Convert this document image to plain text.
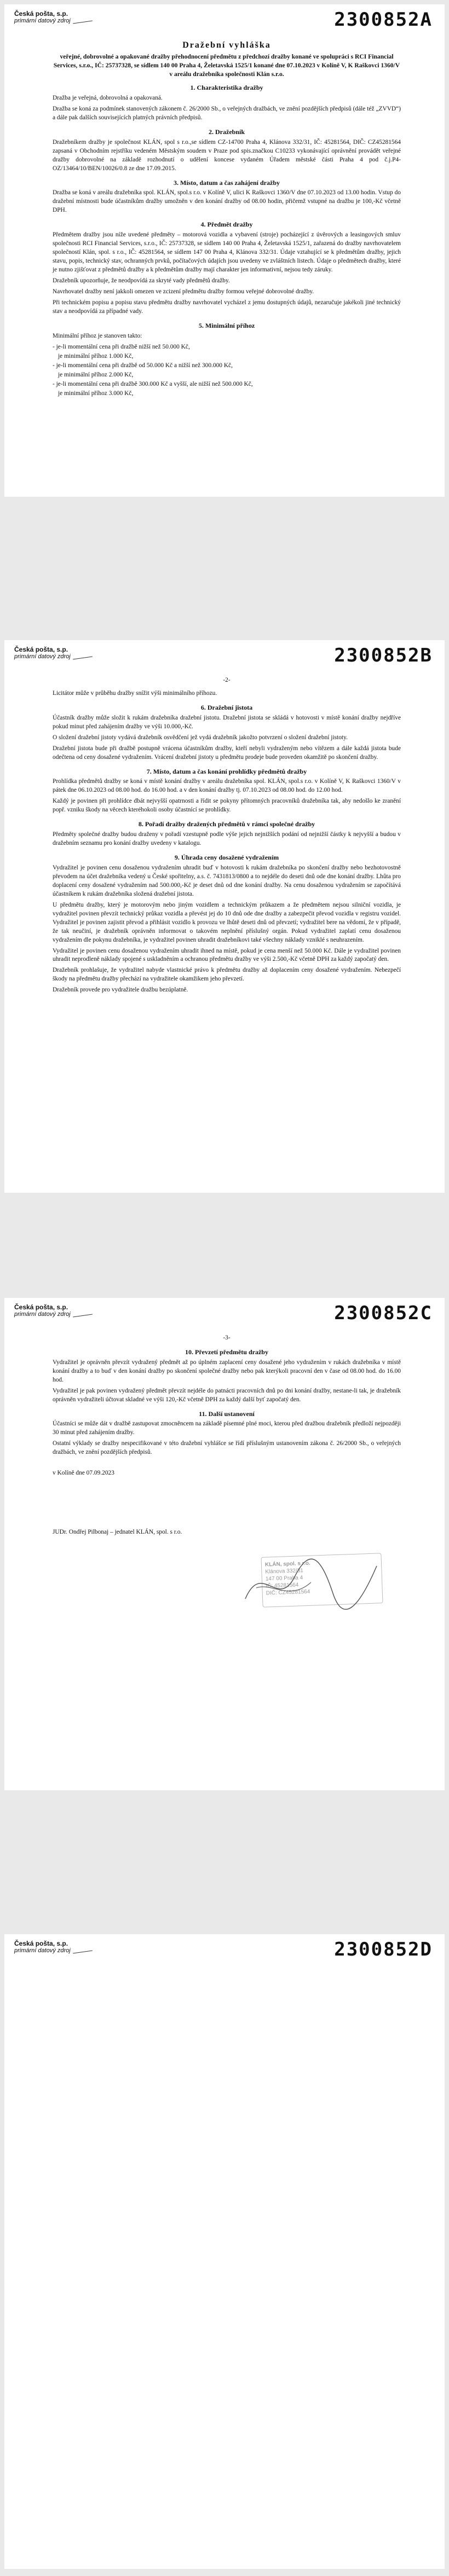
Česká pošta, s.p.
primární datový zdroj	2300852A
Dražební vyhláška
veřejné, dobrovolné a opakované dražby přehodnocení předmětu z předchozí dražby konané ve spolupráci s RCI Financial Services, s.r.o., IČ: 25737328, se sídlem 140 00 Praha 4, Želetavská 1525/1 konané dne 07.10.2023 v Kolíně V, K Raškovci 1360/V v areálu dražebníka společnosti Klán s.r.o.
1. Charakteristika dražby

Dražba je veřejná, dobrovolná a opakovaná.

Dražba se koná za podmínek stanovených zákonem č. 26/2000 Sb., o veřejných dražbách, ve znění pozdějších předpisů (dále též „ZVVD“) a dále pak dalších souvisejících platných právních předpisů.

2. Dražebník

Dražebníkem dražby je společnost KLÁN, spol s r.o.,se sídlem CZ-14700 Praha 4, Klánova 332/31, IČ: 45281564, DIČ: CZ45281564 zapsaná v Obchodním rejstříku vedeném Městským soudem v Praze pod spis.značkou C10233 vykonávající oprávnění provádět veřejné dražby dobrovolné na základě rozhodnutí o udělení koncese vydaném Úřadem městské části Praha 4 pod č.j.P4-OZ/13464/10/BEN/10026/0.8 ze dne 17.09.2015.

3. Místo, datum a čas zahájení dražby

Dražba se koná v areálu dražebníka spol. KLÁN, spol.s r.o. v Kolíně V, ulici K Raškovci 1360/V dne 07.10.2023 od 13.00 hodin. Vstup do dražební místnosti bude účastníkům dražby umožněn v den konání dražby od 08.00 hodin, přičemž vstupné na dražbu je 100,-Kč včetně DPH.

4. Předmět dražby

Předmětem dražby jsou níže uvedené předměty – motorová vozidla a vybavení (stroje) pocházející z úvěrových a leasingových smluv společnosti RCI Financial Services, s.r.o., IČ: 25737328, se sídlem 140 00 Praha 4, Želetavská 1525/1, zařazená do dražby navrhovatelem společností Klán, spol. s r.o., IČ: 45281564, se sídlem 147 00 Praha 4, Klánova 332/31. Údaje vztahující se k předmětům dražby, jejich stavu, popis, technický stav, ochranných prvků, počítačových údajích jsou uvedeny ve zvláštních listech. Údaje o předmětech dražby, které je nutno zjišťovat z předmětů dražby a k předmětům dražby mají charakter jen informativní, nejsou tedy záruky.

Dražebník upozorňuje, že neodpovídá za skryté vady předmětů dražby.

Navrhovatel dražby není jakkoli omezen ve zcizení předmětu dražby formou veřejné dobrovolné dražby.

Při technickém popisu a popisu stavu předmětu dražby navrhovatel vycházel z jemu dostupných údajů, nezaručuje jakékoli jiné technický stav a neodpovídá za případné vady.

5. Minimální příhoz

Minimální příhoz je stanoven takto:

- je-li momentální cena při dražbě nižší než 50.000 Kč,
je minimální příhoz 1.000 Kč,
- je-li momentální cena při dražbě od 50.000 Kč a nižší než 300.000 Kč,
je minimální příhoz 2.000 Kč,
- je-li momentální cena při dražbě 300.000 Kč a vyšší, ale nižší než 500.000 Kč,
je minimální příhoz 3.000 Kč,
Česká pošta, s.p.
primární datový zdroj	2300852B
-2-

Licitátor může v průběhu dražby snížit výši minimálního příhozu.

6. Dražební jistota

Účastník dražby může složit k rukám dražebníka dražební jistotu. Dražební jistota se skládá v hotovosti v místě konání dražby nejdříve pokud minut před zahájením dražby ve výši 10.000,-Kč.

O složení dražební jistoty vydává dražebník osvědčení jež vydá dražebník jakožto potvrzení o složení dražební jistoty.

Dražební jistota bude při dražbě postupně vrácena účastníkům dražby, kteří nebyli vydraženým nebo vítězem a dále každá jistota bude odečtena od ceny dosažené vydražením. Vrácení dražební jistoty u předmětu prodeje bude proveden okamžitě po skončení dražby.

7. Místo, datum a čas konání prohlídky předmětů dražby

Prohlídka předmětů dražby se koná v místě konání dražby v areálu dražebníka spol. KLÁN, spol.s r.o. v Kolíně V, K Raškovci 1360/V v pátek dne 06.10.2023 od 08.00 hod. do 16.00 hod. a v den konání dražby tj. 07.10.2023 od 08.00 hod. do 12.00 hod.

Každý je povinen při prohlídce dbát nejvyšší opatrnosti a řídit se pokyny přítomných pracovníků dražebníka tak, aby nedošlo ke zranění popř. vzniku škody na věcech kteréhokoli osoby účastnící se prohlídky.

8. Pořadí dražby dražených předmětů v rámci společné dražby

Předměty společné dražby budou draženy v pořadí vzestupně podle výše jejich nejnižších podání od nejnižší částky k nejvyšší a budou v dražebním seznamu pro konání dražby uvedeny v katalogu.

9. Úhrada ceny dosažené vydražením

Vydražitel je povinen cenu dosaženou vydražením uhradit buď v hotovosti k rukám dražebníka po skončení dražby nebo bezhotovostně převodem na účet dražebníka vedený u České spořitelny, a.s. č. 7431813/0800 a to nejdéle do deseti dnů ode dne konání dražby. Lhůta pro doplacení ceny dosažené vydražením nad 500.000,-Kč je deset dnů od dne konání dražby. Na cenu dosaženou vydražením se započítává účastníkem k rukám dražebníka složená dražební jistota.

U předmětu dražby, který je motorovým nebo jiným vozidlem a technickým průkazem a že předmětem nejsou silniční vozidla, je vydražitel povinen převzít technický průkaz vozidla a převést jej do 10 dnů ode dne dražby a zabezpečit převod vozidla v registru vozidel. Vydražitel je povinen zajistit převod a přihlásit vozidlo k provozu ve lhůtě deseti dnů od převzetí; vydražitel bere na vědomí, že v případě, že tak neučiní, je dražebník oprávněn informovat o takovém neplnění příslušný orgán. Pokud vydražitel zaplatí cenu dosaženou vydražením dle pokynu dražebníka, je vydražitel povinen uhradit dražebníkovi také všechny náklady vzniklé s neuhrazením.

Vydražitel je povinen cenu dosaženou vydražením uhradit ihned na místě, pokud je cena menší než 50.000 Kč. Dále je vydražitel povinen uhradit neprodleně náklady spojené s uskladněním a ochranou předmětu dražby ve výši 2.500,-Kč včetně DPH za každý započatý den.

Dražebník prohlašuje, že vydražitel nabyde vlastnické právo k předmětu dražby až doplacením ceny dosažené vydražením. Nebezpečí škody na předmětu dražby přechází na vydražitele okamžikem jeho převzetí.

Dražebník provede pro vydražitele dražbu bezúplatně.

Česká pošta, s.p.
primární datový zdroj	2300852C
-3-
10. Převzetí předmětu dražby

Vydražitel je oprávněn převzít vydražený předmět až po úplném zaplacení ceny dosažené jeho vydražením v rukách dražebníka v místě konání dražby a to buď v den konání dražby po skončení společné dražby nebo pak kterýkoli pracovní den v čase od 08.00 hod. do 16.00 hod.

Vydražitel je pak povinen vydražený předmět převzít nejdéle do patnácti pracovních dnů po dni konání dražby, nestane-li tak, je dražebník oprávněn vydražiteli účtovat skladné ve výši 120,-Kč včetně DPH za každý další byť započatý den.

11. Další ustanovení

Účastníci se může dát v dražbě zastupovat zmocněncem na základě písemné plné moci, kterou před dražbou dražebník předloží nejpozději 30 minut před zahájením dražby.

Ostatní výklady se dražby nespecifikované v této dražební vyhlášce se řídí příslušným ustanovením zákona č. 26/2000 Sb., o veřejných dražbách, ve znění pozdějších předpisů.

v Kolíně dne 07.09.2023

JUDr. Ondřej Pilbonaj – jednatel KLÁN, spol. s r.o.

KLÁN, spol. s r.o.
Klánova 332/31
147 00 Praha 4
IČ: 45281564
DIČ: CZ45281564
Česká pošta, s.p.
primární datový zdroj	2300852D
